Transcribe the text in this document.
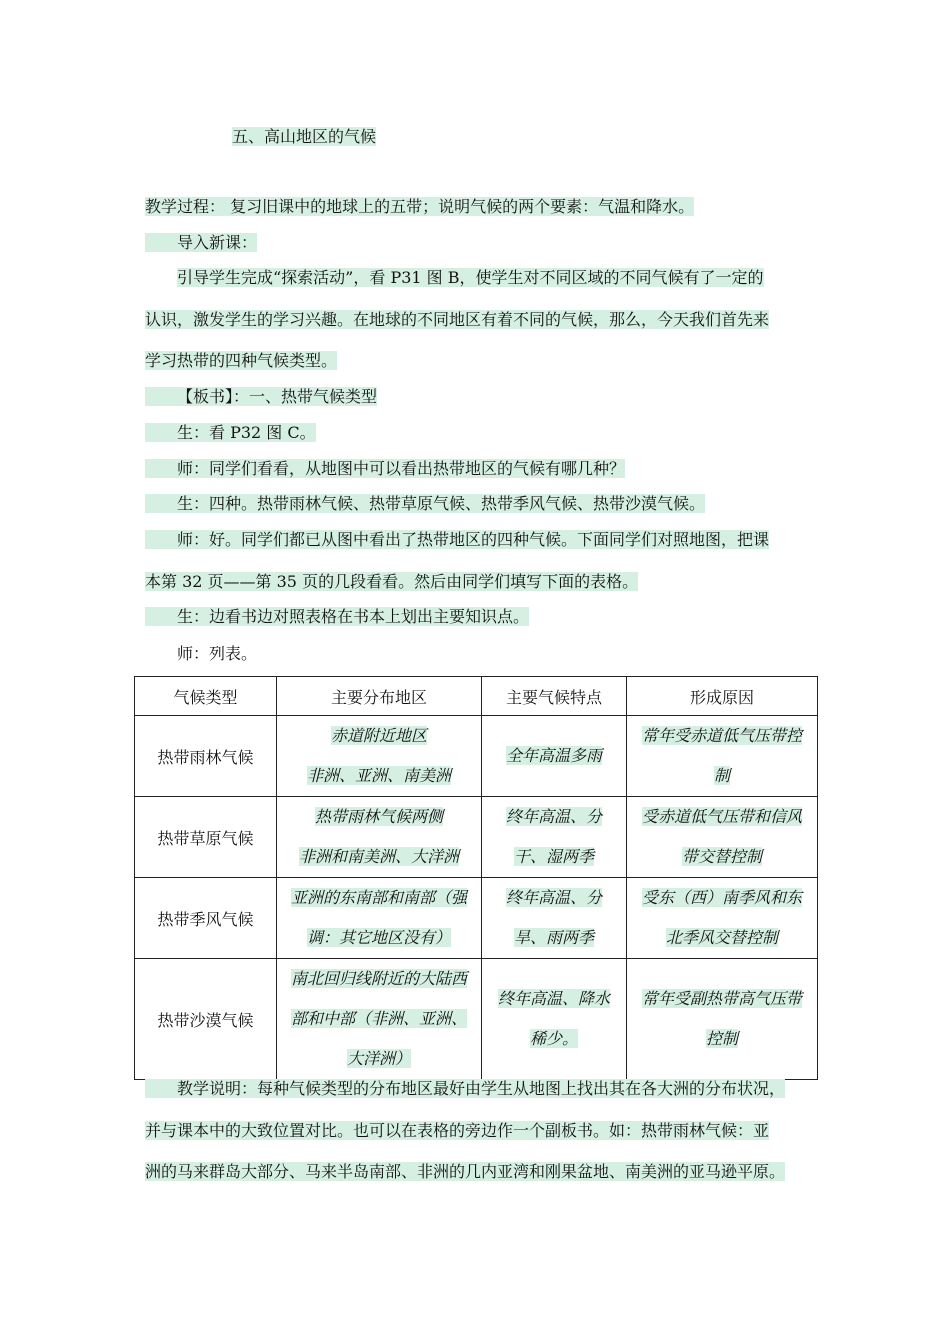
五、高山地区的气候
教学过程： 复习旧课中的地球上的五带；说明气候的两个要素：气温和降水。
导入新课：
引导学生完成“探索活动”，看 P31 图 B，使学生对不同区域的不同气候有了一定的
认识，激发学生的学习兴趣。在地球的不同地区有着不同的气候，那么，今天我们首先来
学习热带的四种气候类型。
【板书】：一、热带气候类型
生：看 P32 图 C。
师：同学们看看，从地图中可以看出热带地区的气候有哪几种？
生：四种。热带雨林气候、热带草原气候、热带季风气候、热带沙漠气候。
师：好。同学们都已从图中看出了热带地区的四种气候。下面同学们对照地图，把课
本第 32 页——第 35 页的几段看看。然后由同学们填写下面的表格。
生：边看书边对照表格在书本上划出主要知识点。
师：列表。
气候类型	主要分布地区	主要气候特点	形成原因
热带雨林气候	赤道附近地区
非洲、亚洲、南美洲	全年高温多雨	常年受赤道低气压带控
制
热带草原气候	热带雨林气候两侧
非洲和南美洲、大洋洲	终年高温、分
干、湿两季	受赤道低气压带和信风
带交替控制
热带季风气候	亚洲的东南部和南部（强
调：其它地区没有）	终年高温、分
旱、雨两季	受东（西）南季风和东
北季风交替控制
热带沙漠气候	南北回归线附近的大陆西
部和中部（非洲、亚洲、
大洋洲）	终年高温、降水
稀少。	常年受副热带高气压带
控制
教学说明：每种气候类型的分布地区最好由学生从地图上找出其在各大洲的分布状况，
并与课本中的大致位置对比。也可以在表格的旁边作一个副板书。如：热带雨林气候：亚
洲的马来群岛大部分、马来半岛南部、非洲的几内亚湾和刚果盆地、南美洲的亚马逊平原。
